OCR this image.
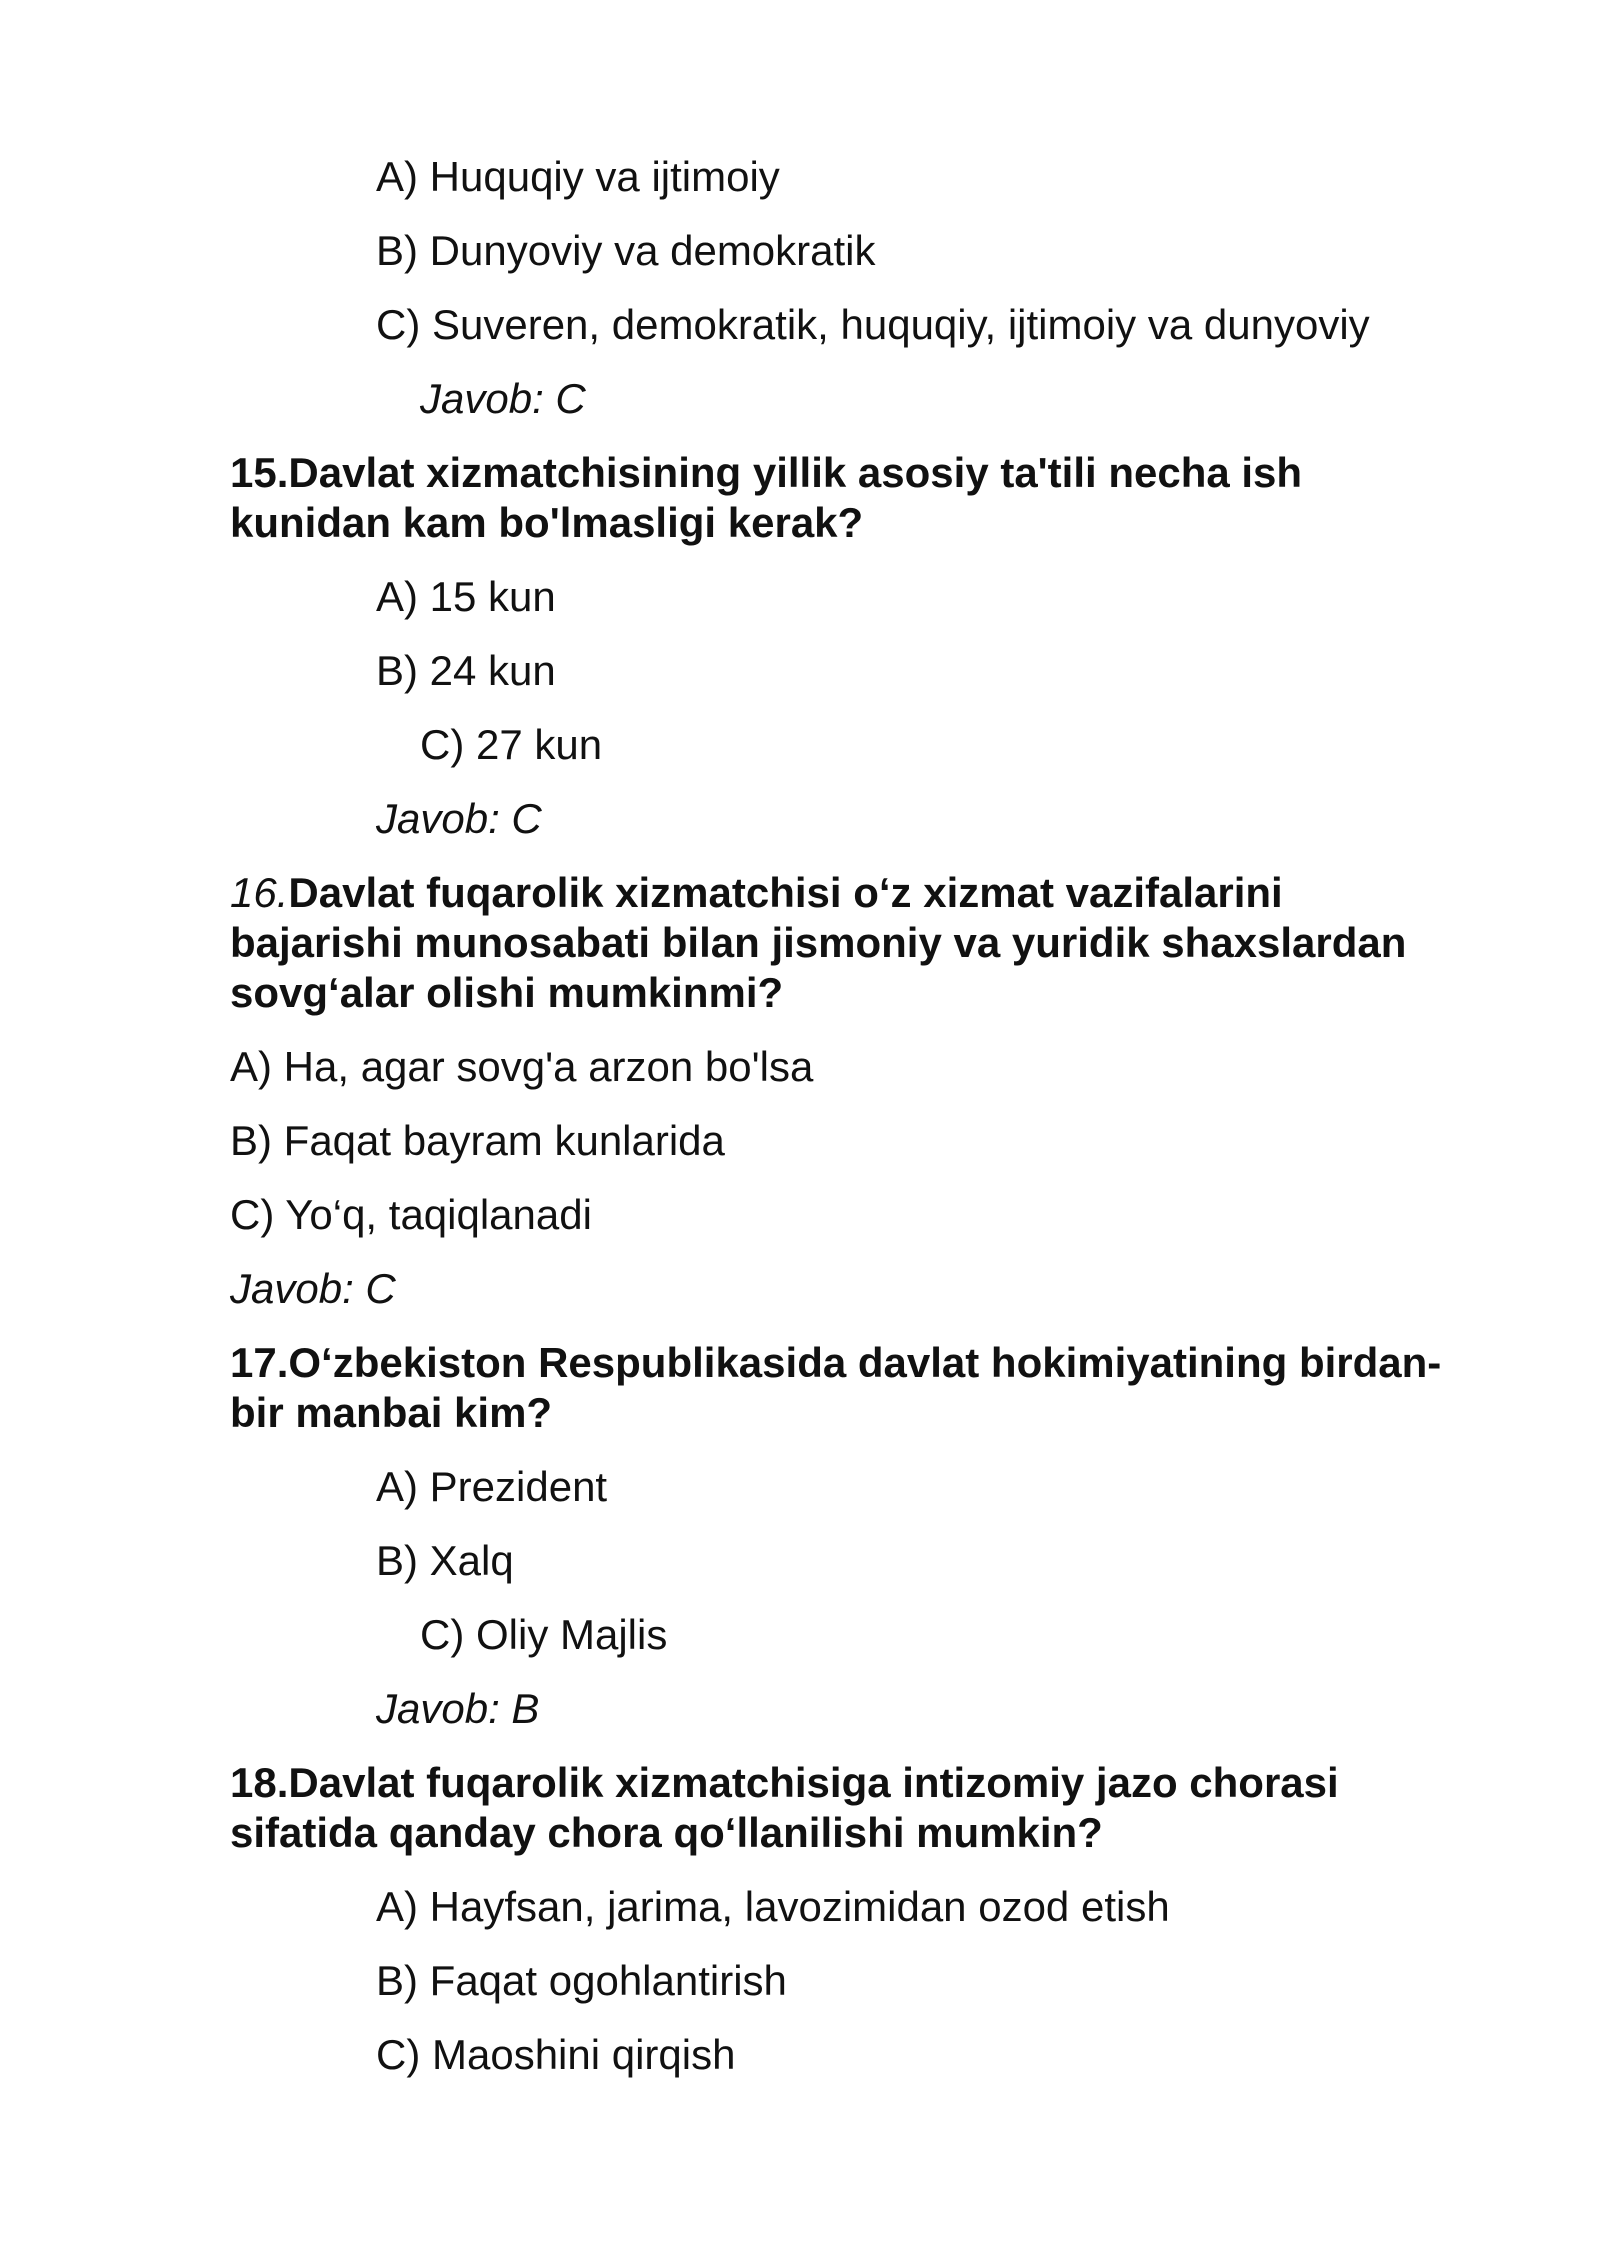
A) Huquqiy va ijtimoiy
B) Dunyoviy va demokratik
C) Suveren, demokratik, huquqiy, ijtimoiy va dunyoviy
Javob: C
15.Davlat xizmatchisining yillik asosiy ta'tili necha ish
kunidan kam bo'lmasligi kerak?
A) 15 kun
B) 24 kun
C) 27 kun
Javob: C
16.Davlat fuqarolik xizmatchisi o‘z xizmat vazifalarini
bajarishi munosabati bilan jismoniy va yuridik shaxslardan
sovg‘alar olishi mumkinmi?
A) Ha, agar sovg'a arzon bo'lsa
B) Faqat bayram kunlarida
C) Yo‘q, taqiqlanadi
Javob: C
17.O‘zbekiston Respublikasida davlat hokimiyatining birdan-
bir manbai kim?
A) Prezident
B) Xalq
C) Oliy Majlis
Javob: B
18.Davlat fuqarolik xizmatchisiga intizomiy jazo chorasi
sifatida qanday chora qo‘llanilishi mumkin?
A) Hayfsan, jarima, lavozimidan ozod etish
B) Faqat ogohlantirish
C) Maoshini qirqish
